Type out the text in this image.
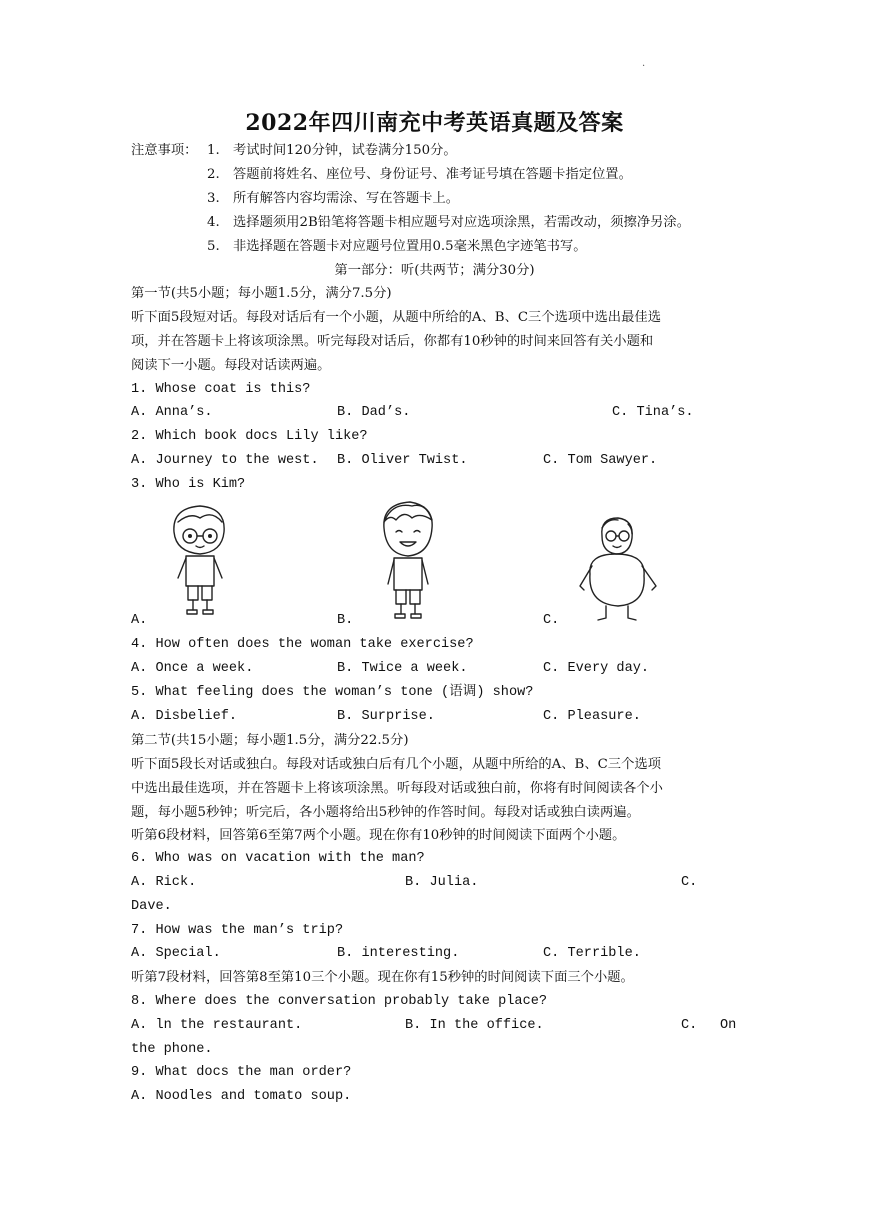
.
2022年四川南充中考英语真题及答案
注意事项： 1. 考试时间120分钟，试卷满分150分。
2. 答题前将姓名、座位号、身份证号、准考证号填在答题卡指定位置。
3. 所有解答内容均需涂、写在答题卡上。
4. 选择题须用2B铅笔将答题卡相应题号对应选项涂黑，若需改动，须擦净另涂。
5. 非选择题在答题卡对应题号位置用0.5毫米黑色字迹笔书写。
第一部分：听(共两节；满分30分)
第一节(共5小题；每小题1.5分，满分7.5分)
听下面5段短对话。每段对话后有一个小题，从题中所给的A、B、C三个选项中选出最佳选
项，并在答题卡上将该项涂黑。听完每段对话后，你都有10秒钟的时间来回答有关小题和
阅读下一小题。每段对话读两遍。
1. Whose coat is this?
A. Anna’s.	B. Dad’s.	C. Tina’s.
2. Which book docs Lily like?
A. Journey to the west. B. Oliver Twist.	C. Tom Sawyer.
3. Who is Kim?
A.	B.	C.
4. How often does the woman take exercise?
A. Once a week.	B. Twice a week.	C. Every day.
5. What feeling does the woman’s tone (语调) show?
A. Disbelief.	B. Surprise.	C. Pleasure.
第二节(共15小题；每小题1.5分，满分22.5分)
听下面5段长对话或独白。每段对话或独白后有几个小题，从题中所给的A、B、C三个选项
中选出最佳选项，并在答题卡上将该项涂黑。听每段对话或独白前，你将有时间阅读各个小
题，每小题5秒钟；听完后，各小题将给出5秒钟的作答时间。每段对话或独白读两遍。
听第6段材料，回答第6至第7两个小题。现在你有10秒钟的时间阅读下面两个小题。
6. Who was on vacation with the man?
A. Rick.	B. Julia.	C.
Dave.
7. How was the man’s trip?
A. Special.	B. interesting.	C. Terrible.
听第7段材料，回答第8至第10三个小题。现在你有15秒钟的时间阅读下面三个小题。
8. Where does the conversation probably take place?
A. ln the restaurant.	B. In the office.	C. On
the phone.
9. What docs the man order?
A. Noodles and tomato soup.
